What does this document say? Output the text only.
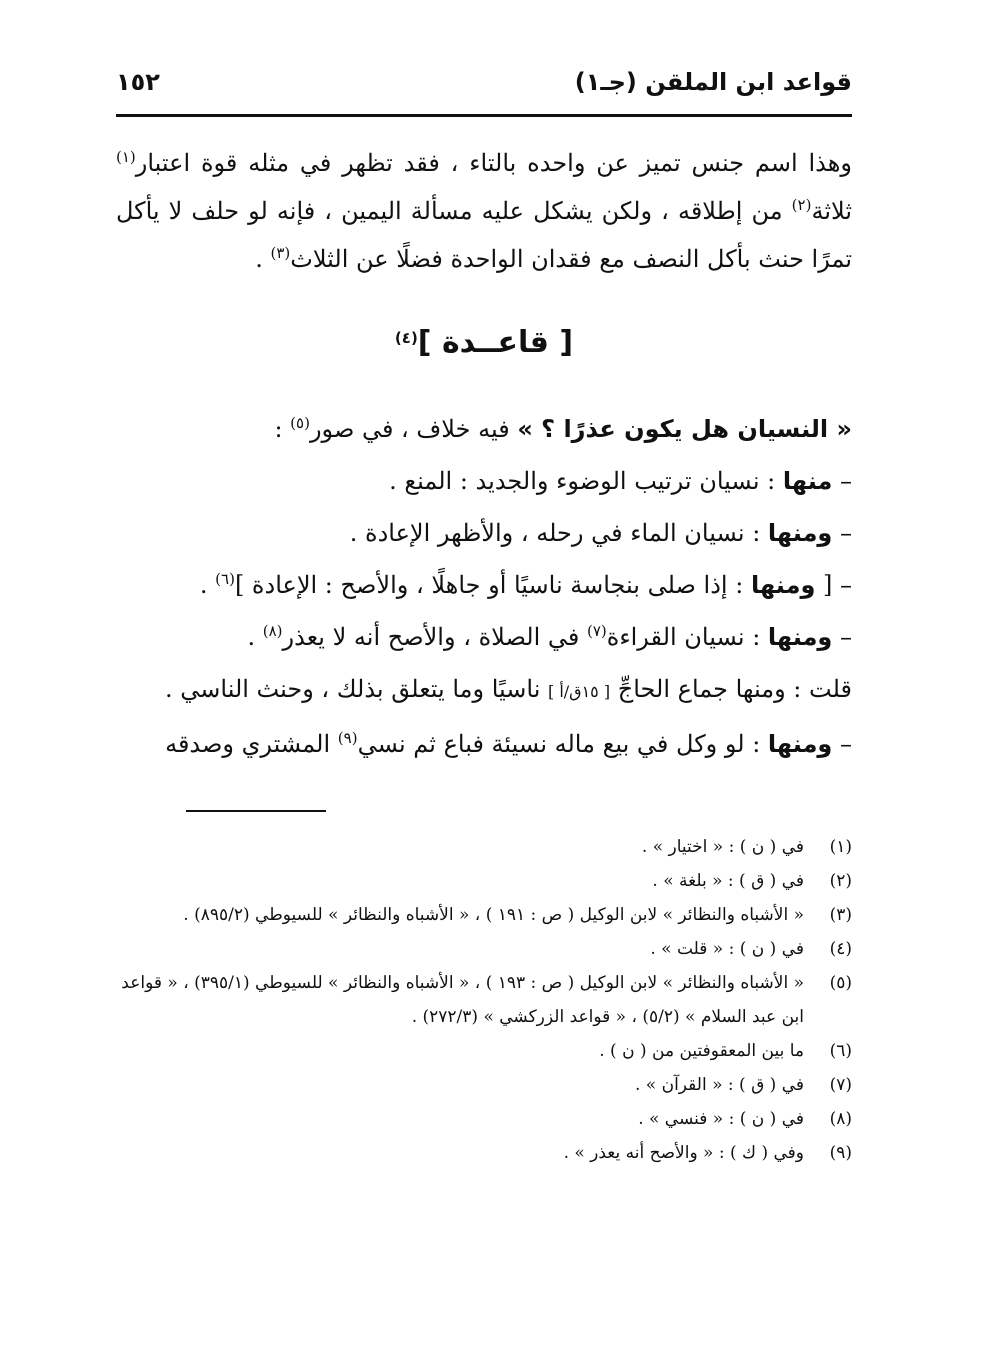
قواعد ابن الملقن (جـ١)
١٥٢

وهذا اسم جنس تميز عن واحده بالتاء ، فقد تظهر في مثله قوة اعتبار$^{(١)}$ ثلاثة$^{(٢)}$ من إطلاقه ، ولكن يشكل عليه مسألة اليمين ، فإنه لو حلف لا يأكل تمرًا حنث بأكل النصف مع فقدان الواحدة فضلًا عن الثلاث$^{(٣)}$ .

[ قاعــدة ]$^{(٤)}$

« النسيان هل يكون عذرًا ؟ » فيه خلاف ، في صور$^{(٥)}$ :

– منها : نسيان ترتيب الوضوء والجديد : المنع .

– ومنها : نسيان الماء في رحله ، والأظهر الإعادة .

– [ ومنها : إذا صلى بنجاسة ناسيًا أو جاهلًا ، والأصح : الإعادة ]$^{(٦)}$ .

– ومنها : نسيان القراءة$^{(٧)}$ في الصلاة ، والأصح أنه لا يعذر$^{(٨)}$ .

قلت : ومنها جماع الحاجِّ [ ١٥ق/أ ] ناسيًا وما يتعلق بذلك ، وحنث الناسي .

– ومنها : لو وكل في بيع ماله نسيئة فباع ثم نسي$^{(٩)}$ المشتري وصدقه

(١)
في ( ن ) : « اختيار » .

(٢)
في ( ق ) : « بلغة » .

(٣)
« الأشباه والنظائر » لابن الوكيل ( ص : ١٩١ ) ، « الأشباه والنظائر » للسيوطي (٨٩٥/٢) .

(٤)
في ( ن ) : « قلت » .

(٥)
« الأشباه والنظائر » لابن الوكيل ( ص : ١٩٣ ) ، « الأشباه والنظائر » للسيوطي (٣٩٥/١) ، « قواعد ابن عبد السلام » (٥/٢) ، « قواعد الزركشي » (٢٧٢/٣) .

(٦)
ما بين المعقوفتين من ( ن ) .

(٧)
في ( ق ) : « القرآن » .

(٨)
في ( ن ) : « فنسي » .

(٩)
وفي ( ك ) : « والأصح أنه يعذر » .
